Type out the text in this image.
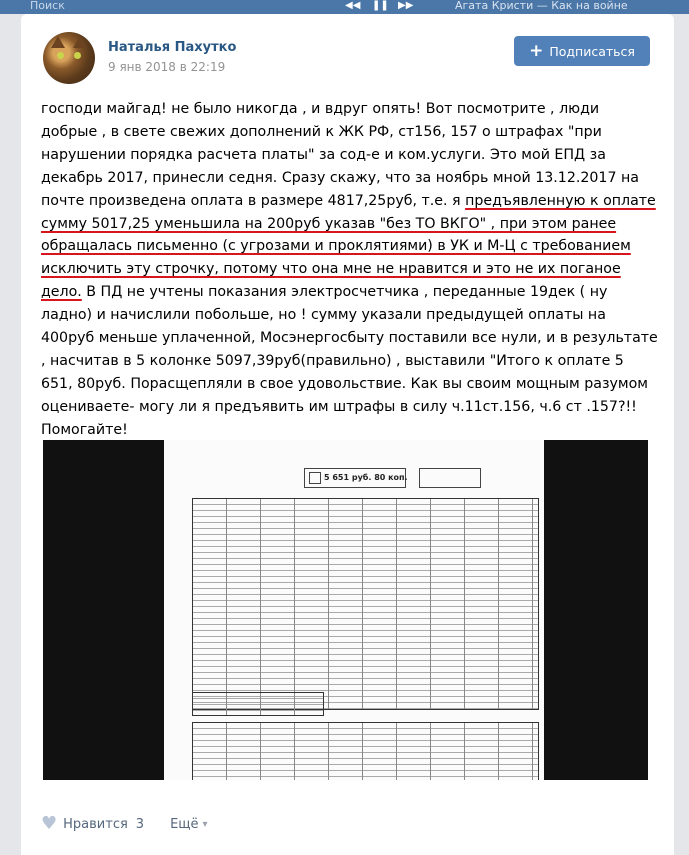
Поиск	◀◀ ❚❚ ▶▶	Агата Кристи — Как на войне
Наталья Пахутко
9 янв 2018 в 22:19
+ Подписаться

господи майгад! не было никогда , и вдруг опять! Вот посмотрите , люди добрые , в свете свежих дополнений к ЖК РФ, ст156, 157 о штрафах "при нарушении порядка расчета платы" за сод-е и ком.услуги. Это мой ЕПД за декабрь 2017, принесли седня. Сразу скажу, что за ноябрь мной 13.12.2017 на почте произведена оплата в размере 4817,25руб, т.е. я предъявленную к оплате сумму 5017,25 уменьшила на 200руб указав "без ТО ВКГО" , при этом ранее обращалась письменно (с угрозами и проклятиями) в УК и М-Ц с требованием исключить эту строчку, потому что она мне не нравится и это не их поганое дело. В ПД не учтены показания электросчетчика , переданные 19дек ( ну ладно) и начислили побольше, но ! сумму указали предыдущей оплаты на 400руб меньше уплаченной, Мосэнергосбыту поставили все нули, и в результате , насчитав в 5 колонке 5097,39руб(правильно) , выставили "Итого к оплате 5 651, 80руб. Порасщепляли в свое удовольствие. Как вы своим мощным разумом оцениваете- могу ли я предъявить им штрафы в силу ч.11ст.156, ч.6 ст .157?!! Помогайте!

5 651 руб. 80 коп.
♥ Нравится 3 Ещё ▾
